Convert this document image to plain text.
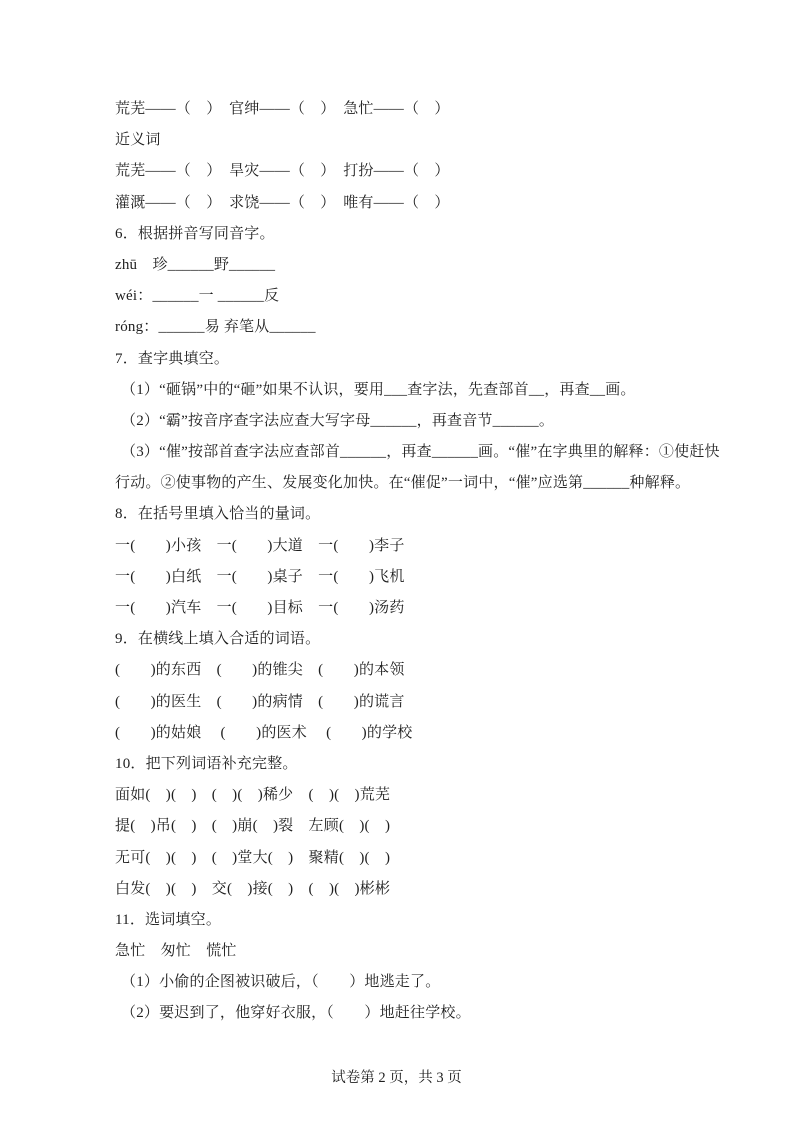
荒芜——（　）　官绅——（　）　急忙——（　）
近义词
荒芜——（　）　旱灾——（　）　打扮——（　）
灌溉——（　）　求饶——（　）　唯有——（　）
6．根据拼音写同音字。
zhū　珍______野______
wéi：______一 ______反
róng：______易 弃笔从______
7．查字典填空。
（1）“砸锅”中的“砸”如果不认识，要用___查字法，先查部首__，再查__画。
（2）“霸”按音序查字法应查大写字母______，再查音节______。
（3）“催”按部首查字法应查部首______，再查______画。“催”在字典里的解释：①使赶快
行动。②使事物的产生、发展变化加快。在“催促”一词中，“催”应选第______种解释。
8．在括号里填入恰当的量词。
一(　　)小孩　一(　　)大道　一(　　)李子
一(　　)白纸　一(　　)桌子　一(　　)飞机
一(　　)汽车　一(　　)目标　一(　　)汤药
9．在横线上填入合适的词语。
(　　)的东西　(　　)的锥尖　(　　)的本领
(　　)的医生　(　　)的病情　(　　)的谎言
(　　)的姑娘　 (　　)的医术　 (　　)的学校
10．把下列词语补充完整。
面如(　)(　)　(　)(　)稀少　(　)(　)荒芜
提(　)吊(　)　(　)崩(　)裂　左顾(　)(　)
无可(　)(　)　(　)堂大(　)　聚精(　)(　)
白发(　)(　)　交(　)接(　)　(　)(　)彬彬
11．选词填空。
急忙　匆忙　慌忙
（1）小偷的企图被识破后，（　　）地逃走了。
（2）要迟到了，他穿好衣服，（　　）地赶往学校。
试卷第 2 页，共 3 页
